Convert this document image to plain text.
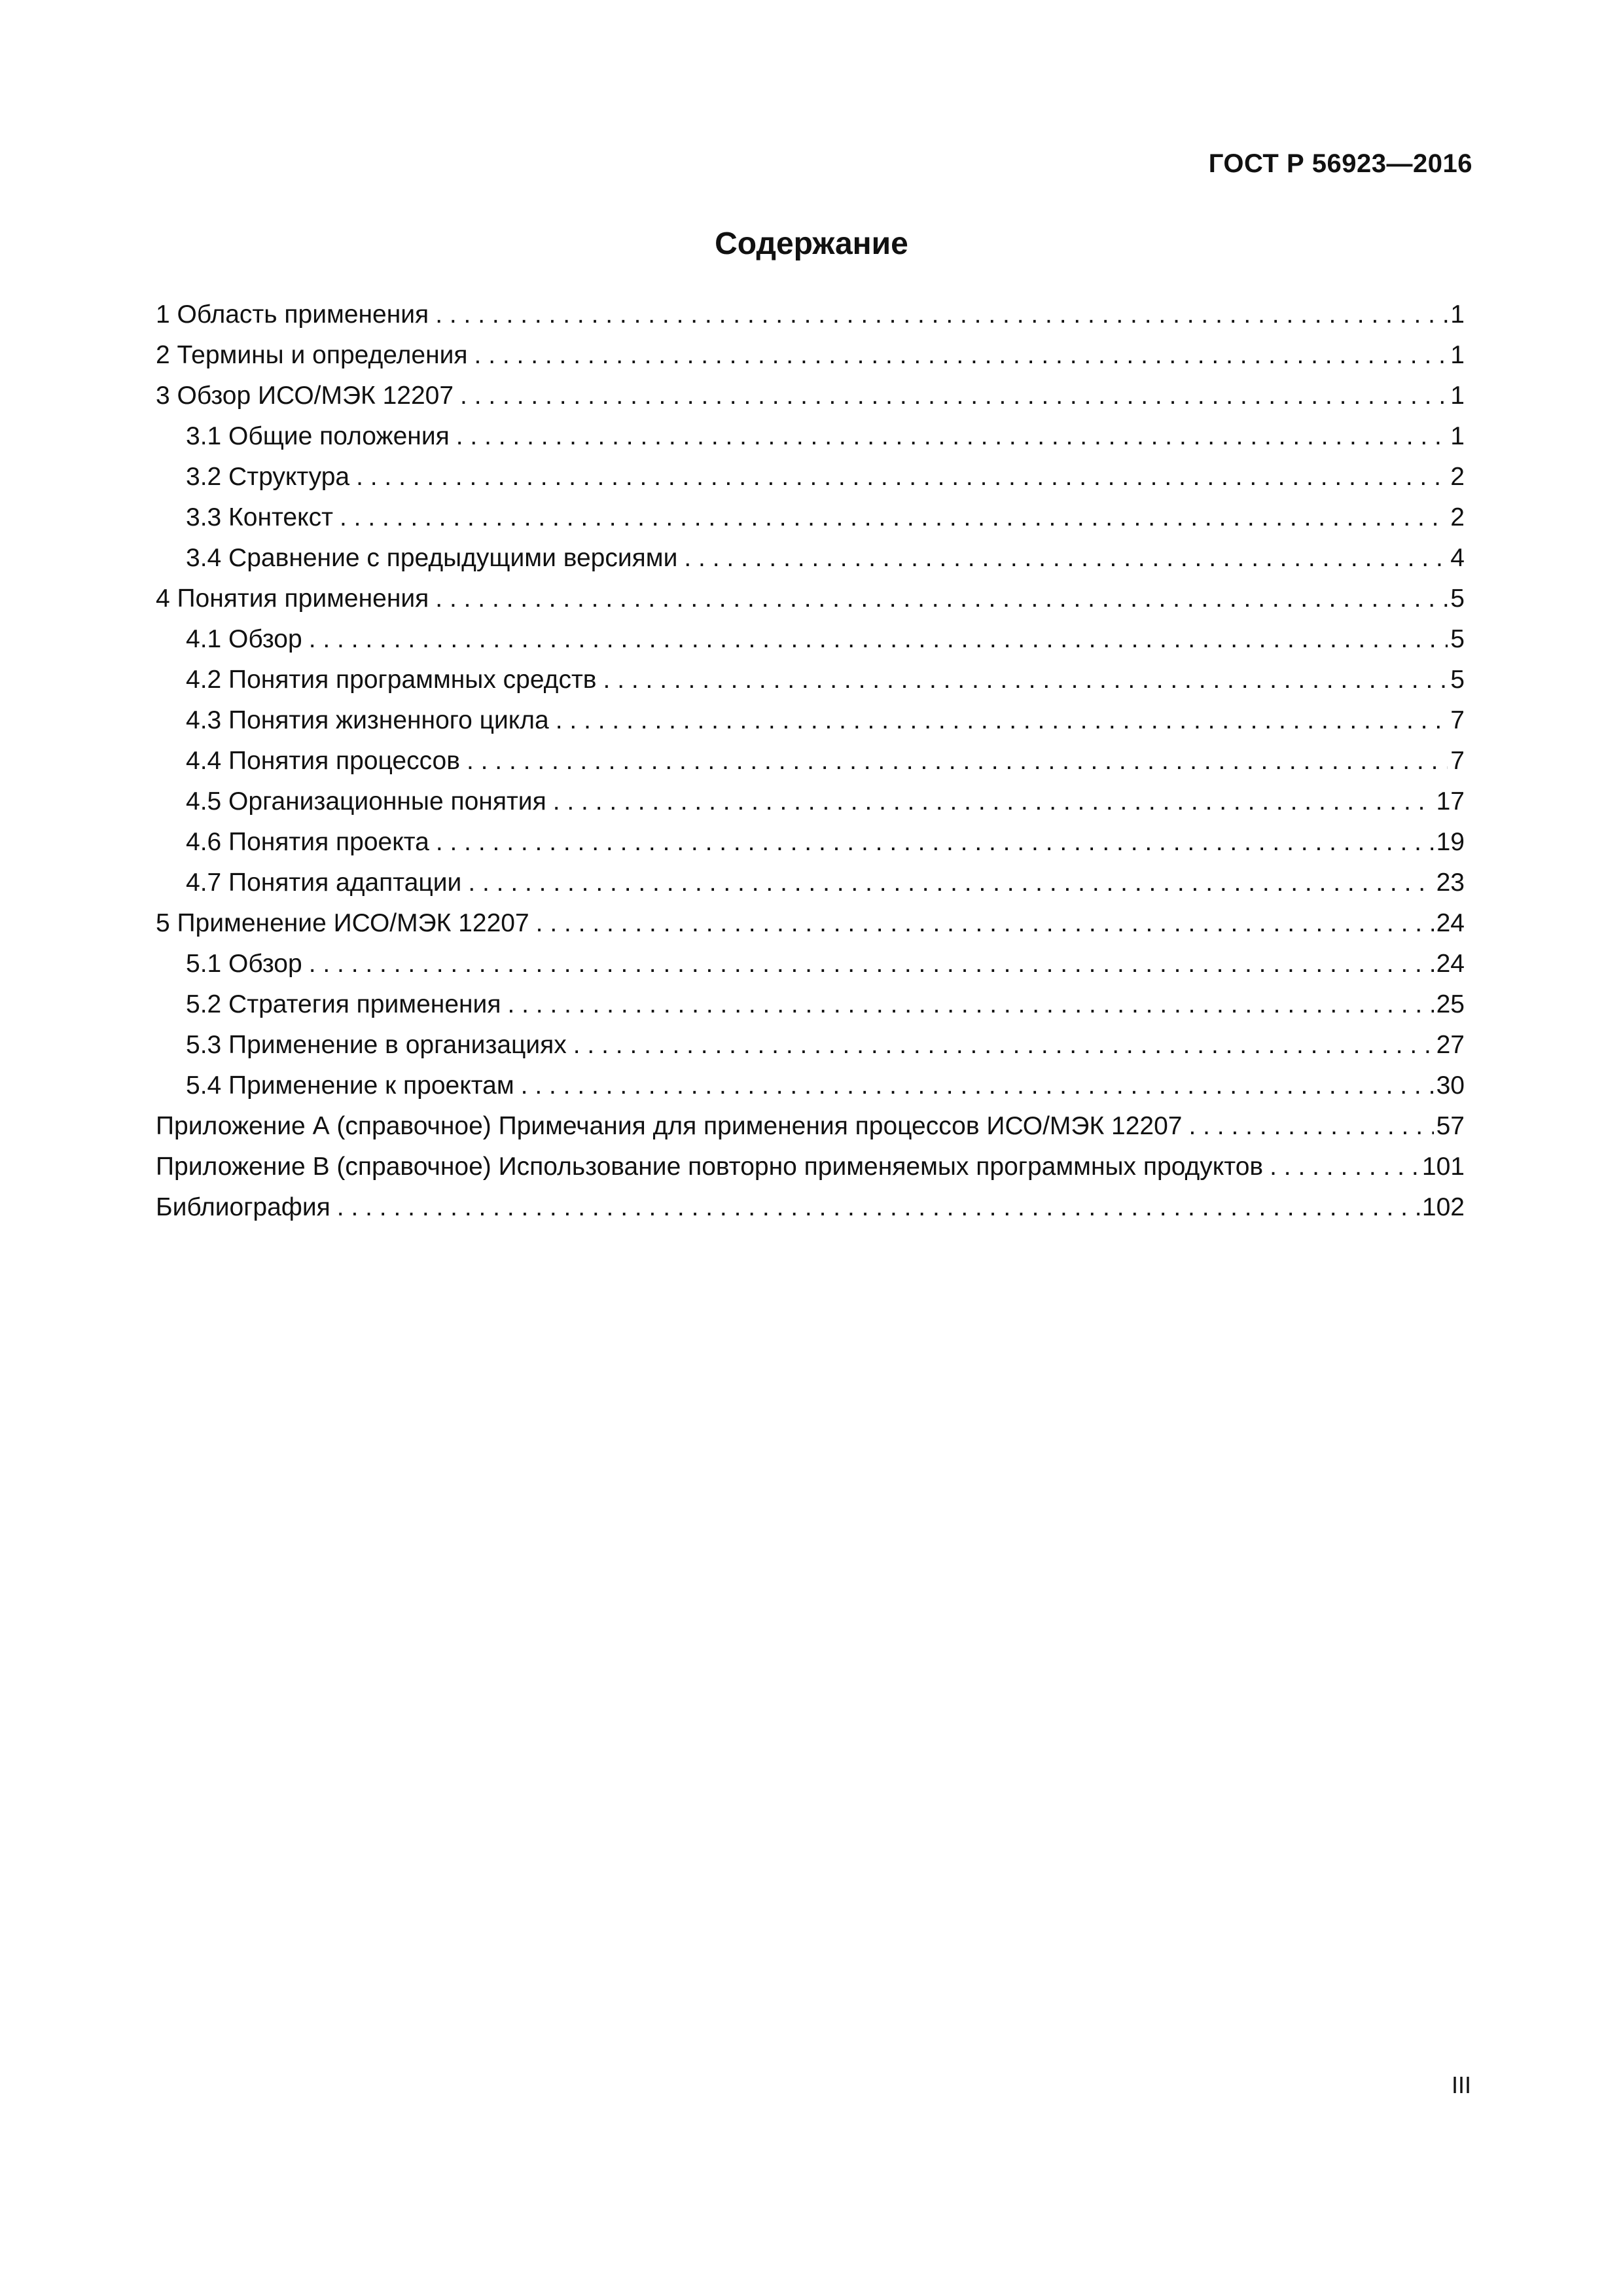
ГОСТ Р 56923—2016
Содержание
1 Область применения . . .	1
2 Термины и определения . . .	1
3 Обзор ИСО/МЭК 12207 . . .	1
3.1 Общие положения . . .	1
3.2 Структура . . .	2
3.3 Контекст . . .	2
3.4 Сравнение с предыдущими версиями . . .	4
4 Понятия применения . . .	5
4.1 Обзор . . .	5
4.2 Понятия программных средств . . .	5
4.3 Понятия жизненного цикла . . .	7
4.4 Понятия процессов . . .	7
4.5 Организационные понятия . . .	17
4.6 Понятия проекта . . .	19
4.7 Понятия адаптации . . .	23
5 Применение ИСО/МЭК 12207 . . .	24
5.1 Обзор . . .	24
5.2 Стратегия применения . . .	25
5.3 Применение в организациях . . .	27
5.4 Применение к проектам . . .	30
Приложение А (справочное) Примечания для применения процессов ИСО/МЭК 12207 . . .	57
Приложение В (справочное) Использование повторно применяемых программных продуктов . . .	101
Библиография . . .	102
III
